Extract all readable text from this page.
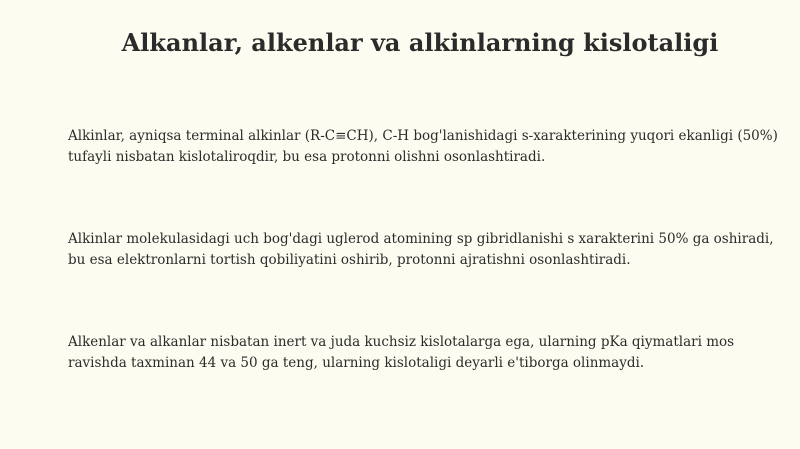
Alkanlar, alkenlar va alkinlarning kislotaligi

Alkinlar, ayniqsa terminal alkinlar (R-C≡CH), C-H bog'lanishidagi s-xarakterining yuqori ekanligi (50%) tufayli nisbatan kislotaliroqdir, bu esa protonni olishni osonlashtiradi.

Alkinlar molekulasidagi uch bog'dagi uglerod atomining sp gibridlanishi s xarakterini 50% ga oshiradi, bu esa elektronlarni tortish qobiliyatini oshirib, protonni ajratishni osonlashtiradi.

Alkenlar va alkanlar nisbatan inert va juda kuchsiz kislotalarga ega, ularning pKa qiymatlari mos ravishda taxminan 44 va 50 ga teng, ularning kislotaligi deyarli e'tiborga olinmaydi.
